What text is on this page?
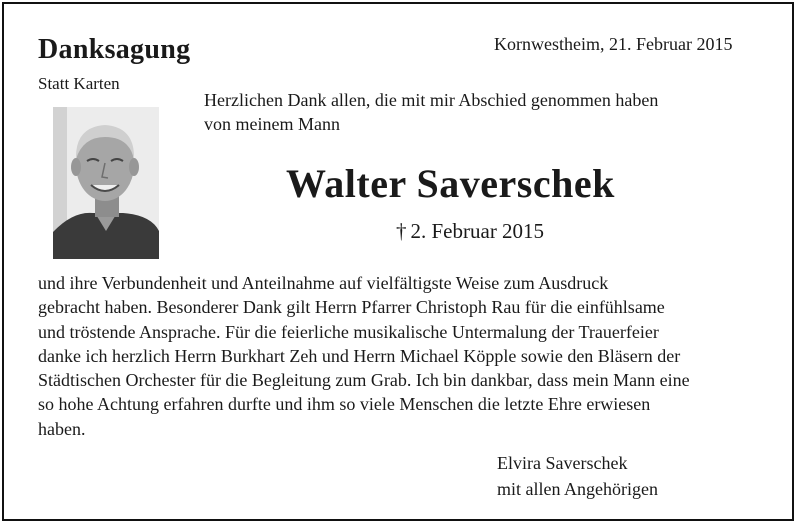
Danksagung
Statt Karten
Kornwestheim, 21. Februar 2015
Herzlichen Dank allen, die mit mir Abschied genommen haben
von meinem Mann
Walter Saverschek
† 2. Februar 2015
und ihre Verbundenheit und Anteilnahme auf vielfältigste Weise zum Ausdruck
gebracht haben. Besonderer Dank gilt Herrn Pfarrer Christoph Rau für die einfühlsame
und tröstende Ansprache. Für die feierliche musikalische Untermalung der Trauerfeier
danke ich herzlich Herrn Burkhart Zeh und Herrn Michael Köpple sowie den Bläsern der
Städtischen Orchester für die Begleitung zum Grab. Ich bin dankbar, dass mein Mann eine
so hohe Achtung erfahren durfte und ihm so viele Menschen die letzte Ehre erwiesen
haben.
Elvira Saverschek
mit allen Angehörigen
